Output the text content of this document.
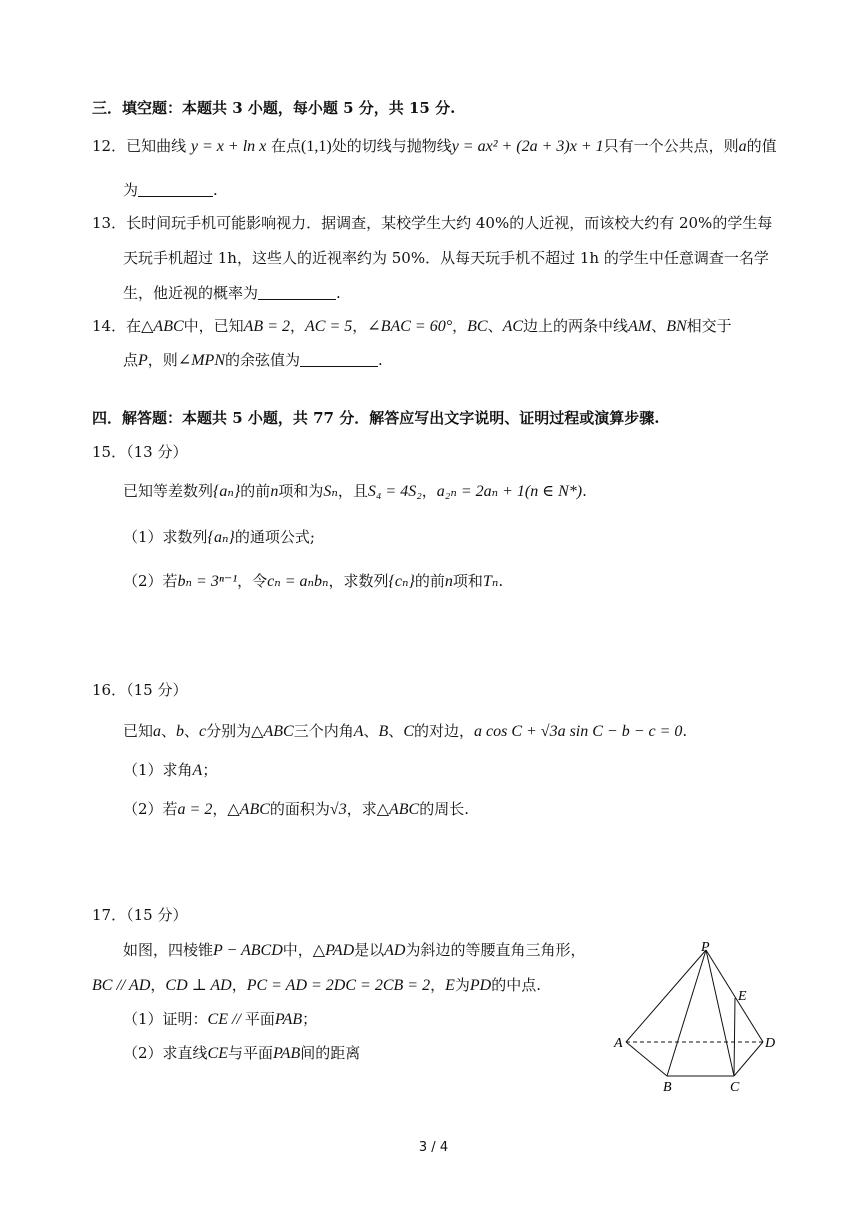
三．填空题：本题共 3 小题，每小题 5 分，共 15 分.
12．已知曲线 y = x + ln x 在点(1,1)处的切线与抛物线y = ax² + (2a + 3)x + 1只有一个公共点，则a的值
为	.
13．长时间玩手机可能影响视力．据调查，某校学生大约 40%的人近视，而该校大约有 20%的学生每
天玩手机超过 1h，这些人的近视率约为 50%．从每天玩手机不超过 1h 的学生中任意调查一名学
生，他近视的概率为	.
14．在△ABC中，已知AB = 2，AC = 5，∠BAC = 60°，BC、AC边上的两条中线AM、BN相交于
点P，则∠MPN的余弦值为	.
四．解答题：本题共 5 小题，共 77 分．解答应写出文字说明、证明过程或演算步骤.
15．（13 分）
已知等差数列{aₙ}的前n项和为Sₙ，且S₄ = 4S₂，a₂ₙ = 2aₙ + 1(n ∈ N*).
（1）求数列{aₙ}的通项公式;
（2）若bₙ = 3ⁿ⁻¹，令cₙ = aₙbₙ，求数列{cₙ}的前n项和Tₙ.
16．（15 分）
已知a、b、c分别为△ABC三个内角A、B、C的对边，a cos C + √3a sin C − b − c = 0.
（1）求角A；
（2）若a = 2，△ABC的面积为√3，求△ABC的周长.
17．（15 分）
如图，四棱锥P − ABCD中，△PAD是以AD为斜边的等腰直角三角形，
BC // AD，CD ⊥ AD，PC = AD = 2DC = 2CB = 2，E为PD的中点.
（1）证明：CE // 平面PAB；
（2）求直线CE与平面PAB间的距离
P
E
A	D
B	C
3 / 4
